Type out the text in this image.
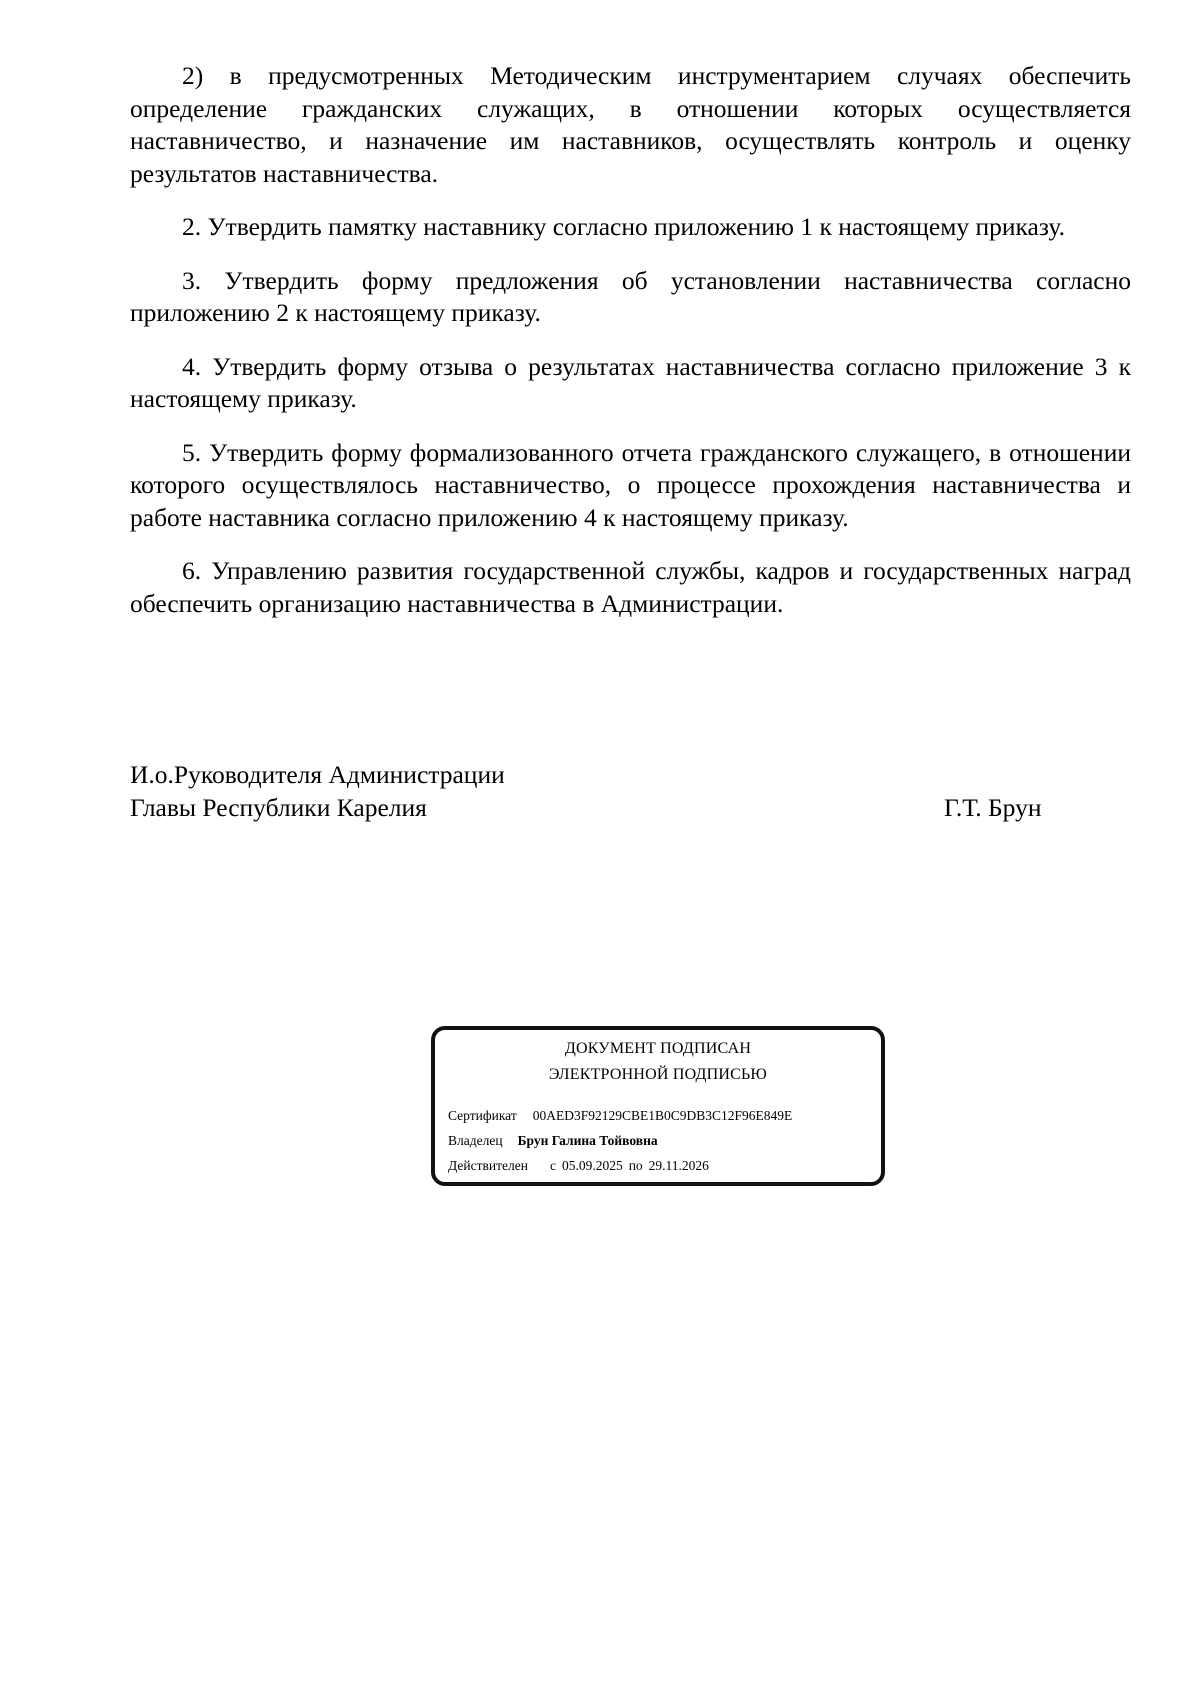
2) в предусмотренных Методическим инструментарием случаях обеспечить определение гражданских служащих, в отношении которых осуществляется наставничество, и назначение им наставников, осуществлять контроль и оценку результатов наставничества.

2. Утвердить памятку наставнику согласно приложению 1 к настоящему приказу.

3. Утвердить форму предложения об установлении наставничества согласно приложению 2 к настоящему приказу.

4. Утвердить форму отзыва о результатах наставничества согласно приложение 3 к настоящему приказу.

5. Утвердить форму формализованного отчета гражданского служащего, в отношении которого осуществлялось наставничество, о процессе прохождения наставничества и работе наставника согласно приложению 4 к настоящему приказу.

6. Управлению развития государственной службы, кадров и государственных наград обеспечить организацию наставничества в Администрации.

И.о.Руководителя Администрации
Главы Республики Карелия	Г.Т. Брун
ДОКУМЕНТ ПОДПИСАН
ЭЛЕКТРОННОЙ ПОДПИСЬЮ
Сертификат 00AED3F92129CBE1B0C9DB3C12F96E849E
Владелец Брун Галина Тойвовна
Действителен с 05.09.2025 по 29.11.2026
